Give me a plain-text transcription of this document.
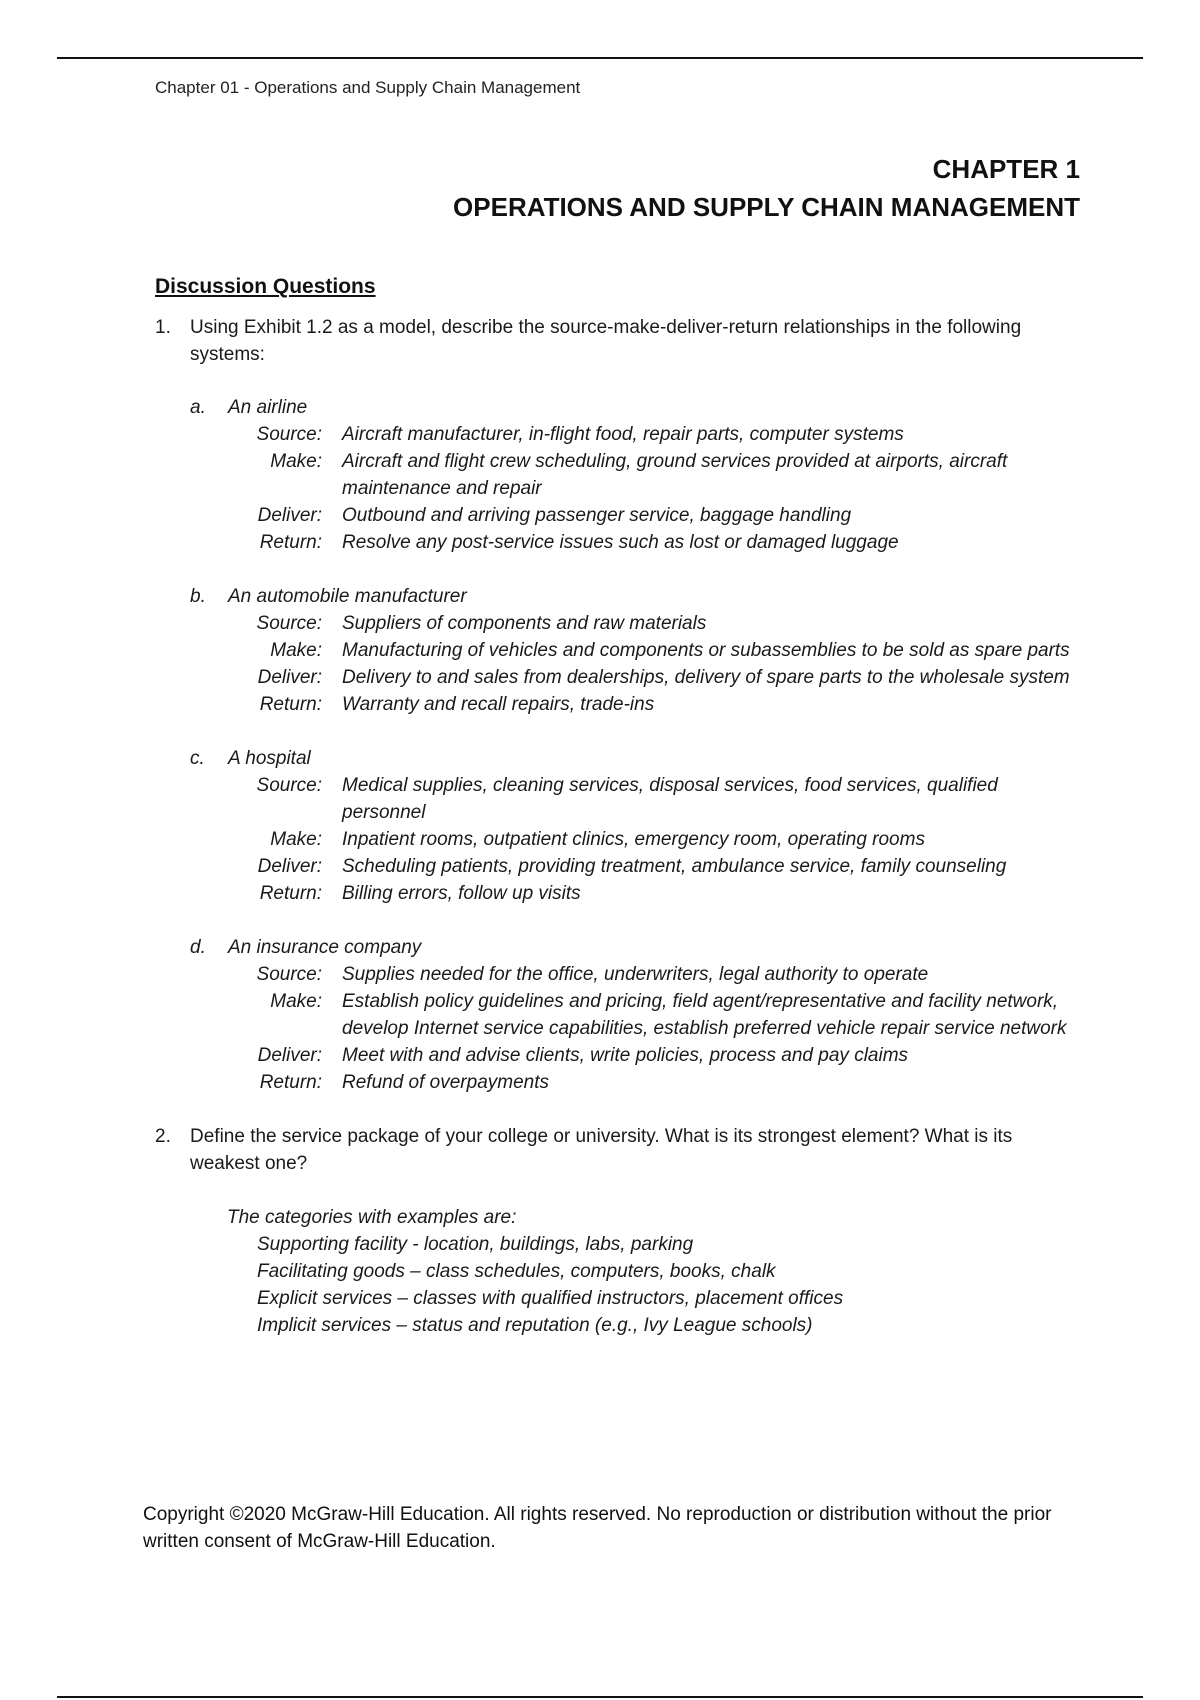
Chapter 01 - Operations and Supply Chain Management
CHAPTER 1
OPERATIONS AND SUPPLY CHAIN MANAGEMENT
Discussion Questions
1.	Using Exhibit 1.2 as a model, describe the source-make-deliver-return relationships in the following systems:
a.	An airline
Source:	Aircraft manufacturer, in-flight food, repair parts, computer systems
Make:	Aircraft and flight crew scheduling, ground services provided at airports, aircraft maintenance and repair
Deliver:	Outbound and arriving passenger service, baggage handling
Return:	Resolve any post-service issues such as lost or damaged luggage
b.	An automobile manufacturer
Source:	Suppliers of components and raw materials
Make:	Manufacturing of vehicles and components or subassemblies to be sold as spare parts
Deliver:	Delivery to and sales from dealerships, delivery of spare parts to the wholesale system
Return:	Warranty and recall repairs, trade-ins
c.	A hospital
Source:	Medical supplies, cleaning services, disposal services, food services, qualified personnel
Make:	Inpatient rooms, outpatient clinics, emergency room, operating rooms
Deliver:	Scheduling patients, providing treatment, ambulance service, family counseling
Return:	Billing errors, follow up visits
d.	An insurance company
Source:	Supplies needed for the office, underwriters, legal authority to operate
Make:	Establish policy guidelines and pricing, field agent/representative and facility network, develop Internet service capabilities, establish preferred vehicle repair service network
Deliver:	Meet with and advise clients, write policies, process and pay claims
Return:	Refund of overpayments
2.	Define the service package of your college or university. What is its strongest element? What is its weakest one?
The categories with examples are:
Supporting facility - location, buildings, labs, parking
Facilitating goods – class schedules, computers, books, chalk
Explicit services – classes with qualified instructors, placement offices
Implicit services – status and reputation (e.g., Ivy League schools)
Copyright ©2020 McGraw-Hill Education. All rights reserved. No reproduction or distribution without the prior written consent of McGraw-Hill Education.
